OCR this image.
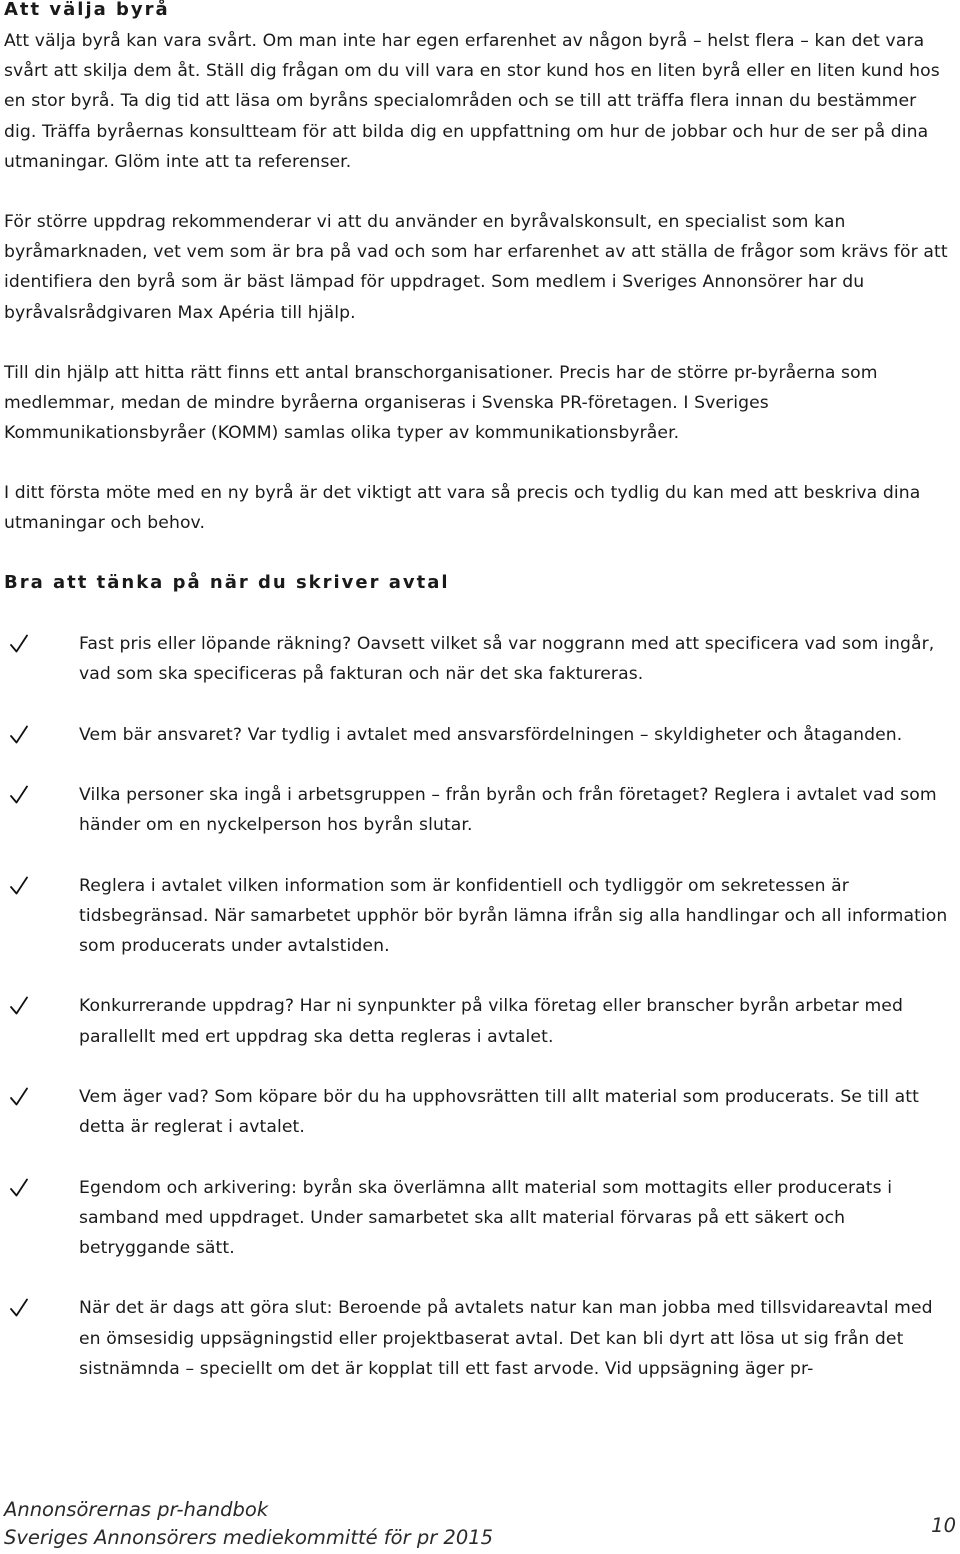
Att välja byrå

Att välja byrå kan vara svårt. Om man inte har egen erfarenhet av någon byrå – helst flera – kan det vara svårt att skilja dem åt. Ställ dig frågan om du vill vara en stor kund hos en liten byrå eller en liten kund hos en stor byrå. Ta dig tid att läsa om byråns specialområden och se till att träffa flera innan du bestämmer dig. Träffa byråernas konsultteam för att bilda dig en uppfattning om hur de jobbar och hur de ser på dina utmaningar. Glöm inte att ta referenser.

För större uppdrag rekommenderar vi att du använder en byråvalskonsult, en specialist som kan byråmarknaden, vet vem som är bra på vad och som har erfarenhet av att ställa de frågor som krävs för att identifiera den byrå som är bäst lämpad för uppdraget. Som medlem i Sveriges Annonsörer har du byråvalsrådgivaren Max Apéria till hjälp.

Till din hjälp att hitta rätt finns ett antal branschorganisationer. Precis har de större pr-byråerna som medlemmar, medan de mindre byråerna organiseras i Svenska PR-företagen. I Sveriges Kommunikationsbyråer (KOMM) samlas olika typer av kommunikationsbyråer.

I ditt första möte med en ny byrå är det viktigt att vara så precis och tydlig du kan med att beskriva dina utmaningar och behov.

Bra att tänka på när du skriver avtal
Fast pris eller löpande räkning? Oavsett vilket så var noggrann med att specificera vad som ingår, vad som ska specificeras på fakturan och när det ska faktureras.
Vem bär ansvaret? Var tydlig i avtalet med ansvarsfördelningen – skyldigheter och åtaganden.
Vilka personer ska ingå i arbetsgruppen – från byrån och från företaget? Reglera i avtalet vad som händer om en nyckelperson hos byrån slutar.
Reglera i avtalet vilken information som är konfidentiell och tydliggör om sekretessen är tidsbegränsad. När samarbetet upphör bör byrån lämna ifrån sig alla handlingar och all information som producerats under avtalstiden.
Konkurrerande uppdrag? Har ni synpunkter på vilka företag eller branscher byrån arbetar med parallellt med ert uppdrag ska detta regleras i avtalet.
Vem äger vad? Som köpare bör du ha upphovsrätten till allt material som producerats. Se till att detta är reglerat i avtalet.
Egendom och arkivering: byrån ska överlämna allt material som mottagits eller producerats i samband med uppdraget. Under samarbetet ska allt material förvaras på ett säkert och betryggande sätt.
När det är dags att göra slut: Beroende på avtalets natur kan man jobba med tillsvidareavtal med en ömsesidig uppsägningstid eller projektbaserat avtal. Det kan bli dyrt att lösa ut sig från det sistnämnda – speciellt om det är kopplat till ett fast arvode. Vid uppsägning äger pr-

Annonsörernas pr-handbok

Sveriges Annonsörers mediekommitté för pr 2015

10
